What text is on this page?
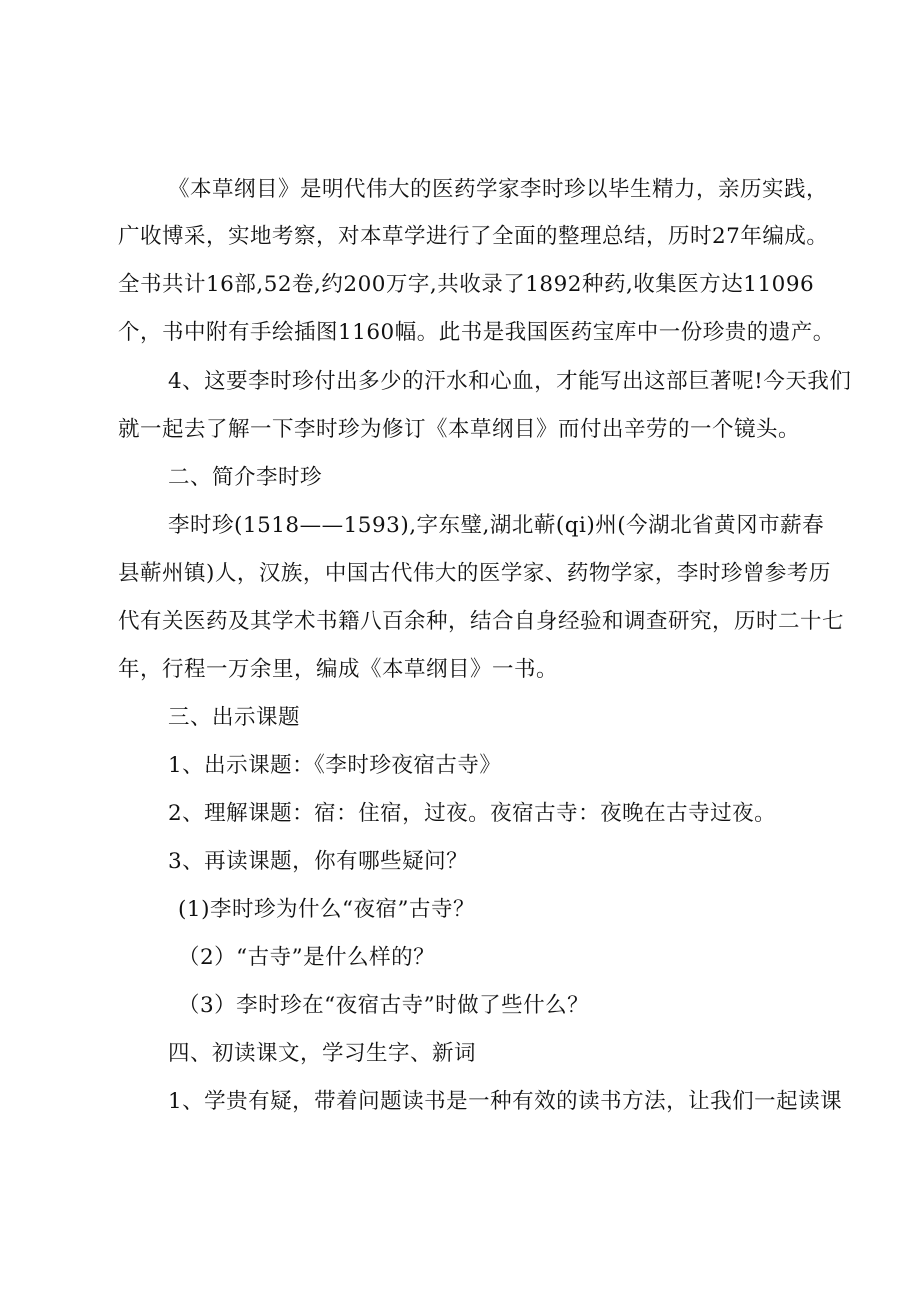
《本草纲目》是明代伟大的医药学家李时珍以毕生精力，亲历实践，
广收博采，实地考察，对本草学进行了全面的整理总结，历时27年编成。
全书共计16部,52卷,约200万字,共收录了1892种药,收集医方达11096
个，书中附有手绘插图1160幅。此书是我国医药宝库中一份珍贵的遗产。
4、这要李时珍付出多少的汗水和心血，才能写出这部巨著呢!今天我们
就一起去了解一下李时珍为修订《本草纲目》而付出辛劳的一个镜头。
二、简介李时珍
李时珍(1518——1593),字东璧,湖北蕲(qi)州(今湖北省黄冈市薪春
县蕲州镇)人，汉族，中国古代伟大的医学家、药物学家，李时珍曾参考历
代有关医药及其学术书籍八百余种，结合自身经验和调查研究，历时二十七
年，行程一万余里，编成《本草纲目》一书。
三、出示课题
1、出示课题：《李时珍夜宿古寺》
2、理解课题：宿：住宿，过夜。夜宿古寺：夜晚在古寺过夜。
3、再读课题，你有哪些疑问？
(1)李时珍为什么“夜宿”古寺？
（2）“古寺”是什么样的？
（3）李时珍在“夜宿古寺”时做了些什么？
四、初读课文，学习生字、新词
1、学贵有疑，带着问题读书是一种有效的读书方法，让我们一起读课
